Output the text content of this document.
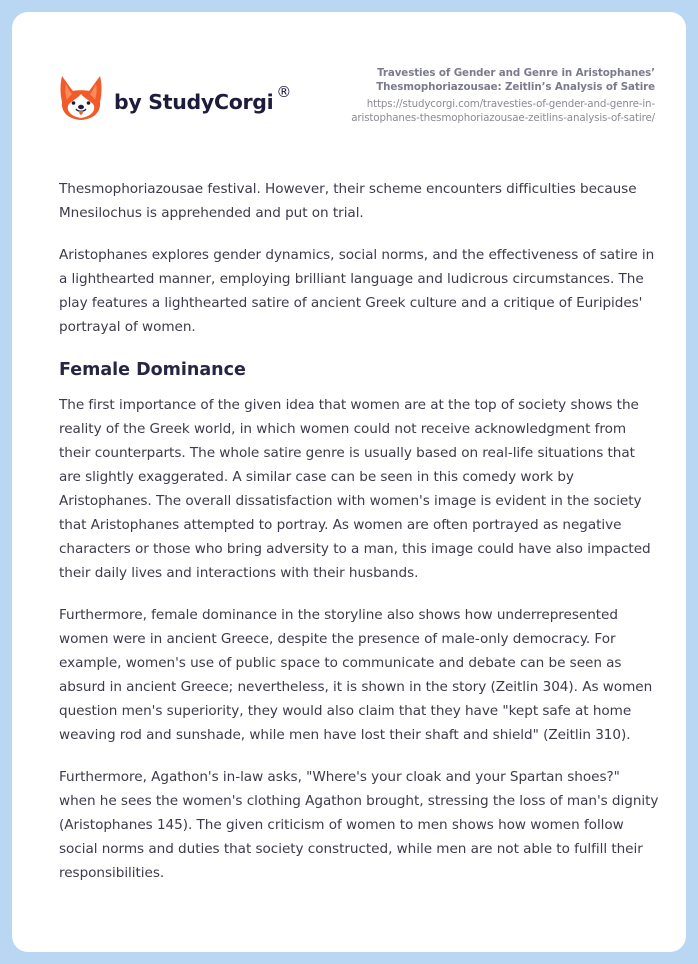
by StudyCorgi ®
Travesties of Gender and Genre in Aristophanes’
Thesmophoriazousae: Zeitlin’s Analysis of Satire
https://studycorgi.com/travesties-of-gender-and-genre-in-
aristophanes-thesmophoriazousae-zeitlins-analysis-of-satire/

Thesmophoriazousae festival. However, their scheme encounters difficulties because Mnesilochus is apprehended and put on trial.

Aristophanes explores gender dynamics, social norms, and the effectiveness of satire in a lighthearted manner, employing brilliant language and ludicrous circumstances. The play features a lighthearted satire of ancient Greek culture and a critique of Euripides' portrayal of women.

Female Dominance

The first importance of the given idea that women are at the top of society shows the reality of the Greek world, in which women could not receive acknowledgment from their counterparts. The whole satire genre is usually based on real-life situations that are slightly exaggerated. A similar case can be seen in this comedy work by Aristophanes. The overall dissatisfaction with women's image is evident in the society that Aristophanes attempted to portray. As women are often portrayed as negative characters or those who bring adversity to a man, this image could have also impacted their daily lives and interactions with their husbands.

Furthermore, female dominance in the storyline also shows how underrepresented women were in ancient Greece, despite the presence of male-only democracy. For example, women's use of public space to communicate and debate can be seen as absurd in ancient Greece; nevertheless, it is shown in the story (Zeitlin 304). As women question men's superiority, they would also claim that they have "kept safe at home weaving rod and sunshade, while men have lost their shaft and shield" (Zeitlin 310).

Furthermore, Agathon's in-law asks, "Where's your cloak and your Spartan shoes?" when he sees the women's clothing Agathon brought, stressing the loss of man's dignity (Aristophanes 145). The given criticism of women to men shows how women follow social norms and duties that society constructed, while men are not able to fulfill their responsibilities.
